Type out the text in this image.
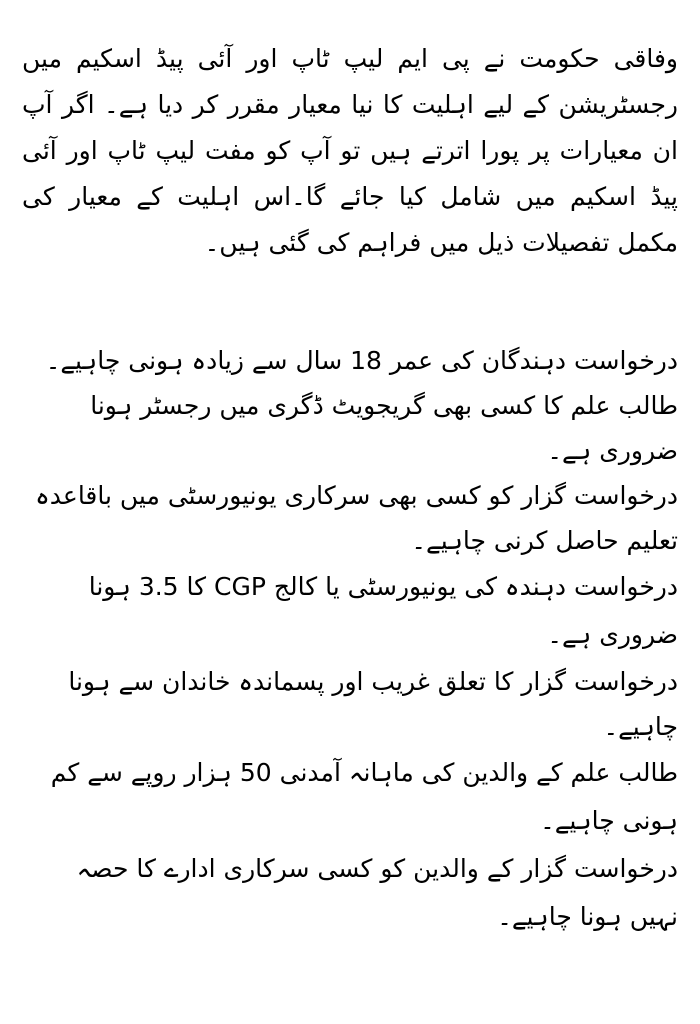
وفاقی حکومت نے پی ایم لیپ ٹاپ اور آئی پیڈ اسکیم میں رجسٹریشن کے لیے اہلیت کا نیا معیار مقرر کر دیا ہے۔ اگر آپ ان معیارات پر پورا اترتے ہیں تو آپ کو مفت لیپ ٹاپ اور آئی پیڈ اسکیم میں شامل کیا جائے گا۔اس اہلیت کے معیار کی مکمل تفصیلات ذیل میں فراہم کی گئی ہیں۔

درخواست دہندگان کی عمر 18 سال سے زیادہ ہونی چاہیے۔
طالب علم کا کسی بھی گریجویٹ ڈگری میں رجسٹر ہونا ضروری ہے۔
درخواست گزار کو کسی بھی سرکاری یونیورسٹی میں باقاعدہ تعلیم حاصل کرنی چاہیے۔
درخواست دہندہ کی یونیورسٹی یا کالج CGP کا 3.5 ہونا ضروری ہے۔
درخواست گزار کا تعلق غریب اور پسماندہ خاندان سے ہونا چاہیے۔
طالب علم کے والدین کی ماہانہ آمدنی 50 ہزار روپے سے کم ہونی چاہیے۔
درخواست گزار کے والدین کو کسی سرکاری ادارے کا حصہ نہیں ہونا چاہیے۔
